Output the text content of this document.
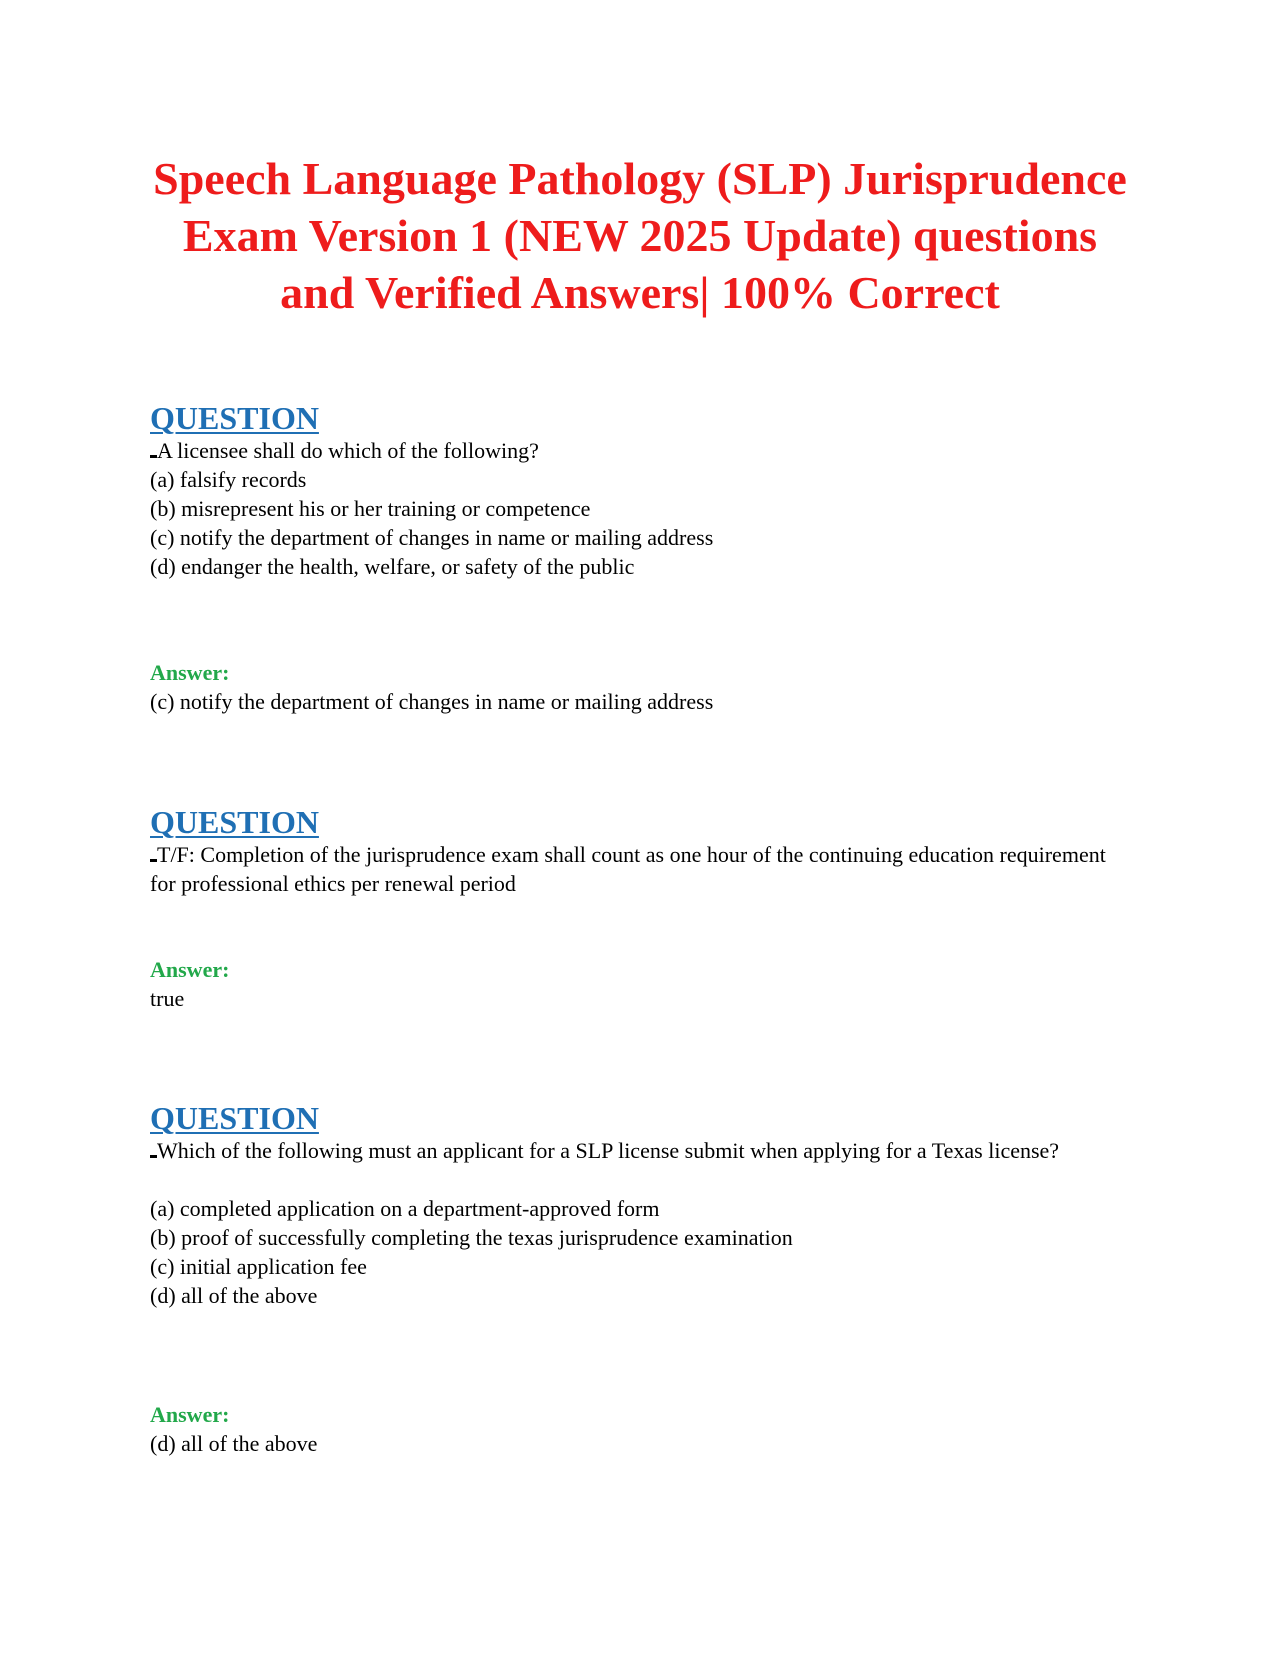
Speech Language Pathology (SLP) Jurisprudence Exam Version 1 (NEW 2025 Update) questions and Verified Answers| 100% Correct
QUESTION

A licensee shall do which of the following?

(a) falsify records

(b) misrepresent his or her training or competence

(c) notify the department of changes in name or mailing address

(d) endanger the health, welfare, or safety of the public

Answer:

(c) notify the department of changes in name or mailing address

QUESTION

T/F: Completion of the jurisprudence exam shall count as one hour of the continuing education requirement for professional ethics per renewal period

Answer:

true

QUESTION

Which of the following must an applicant for a SLP license submit when applying for a Texas license?

(a) completed application on a department-approved form

(b) proof of successfully completing the texas jurisprudence examination

(c) initial application fee

(d) all of the above

Answer:

(d) all of the above
